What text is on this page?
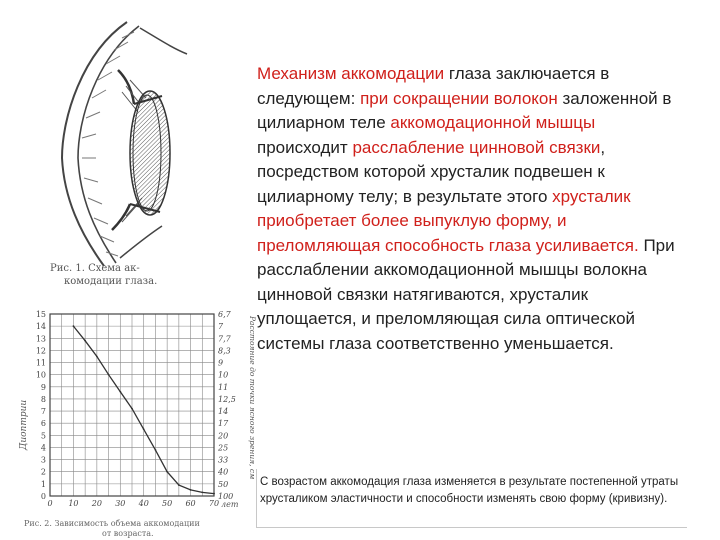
Рис. 1. Схема ак-
комодации глаза.
0
1
2
3
4
5
6
7
8
9
10
11
12
13
14
15
100
50
40
33
25
20
17
14
12,5
11
10
9
8,3
7,7
7
6,7
0 10 20 30 40 50 60 70
Диоптрии	Расстояние до точки ясного зрения, см
лет
Рис. 2. Зависимость объема аккомодации
от возраста.
Механизм аккомодации глаза заключается в следующем: при сокращении волокон заложенной в цилиарном теле аккомодационной мышцы происходит расслабление цинновой связки, посредством которой хрусталик подвешен к цилиарному телу; в результате этого хрусталик приобретает более выпуклую форму, и преломляющая способность глаза усиливается. При расслаблении аккомодационной мышцы волокна цинновой связки натягиваются, хрусталик уплощается, и преломляющая сила оптической системы глаза соответственно уменьшается.
С возрастом аккомодация глаза изменяется в результате постепенной утраты хрусталиком эластичности и способности изменять свою форму (кривизну).
